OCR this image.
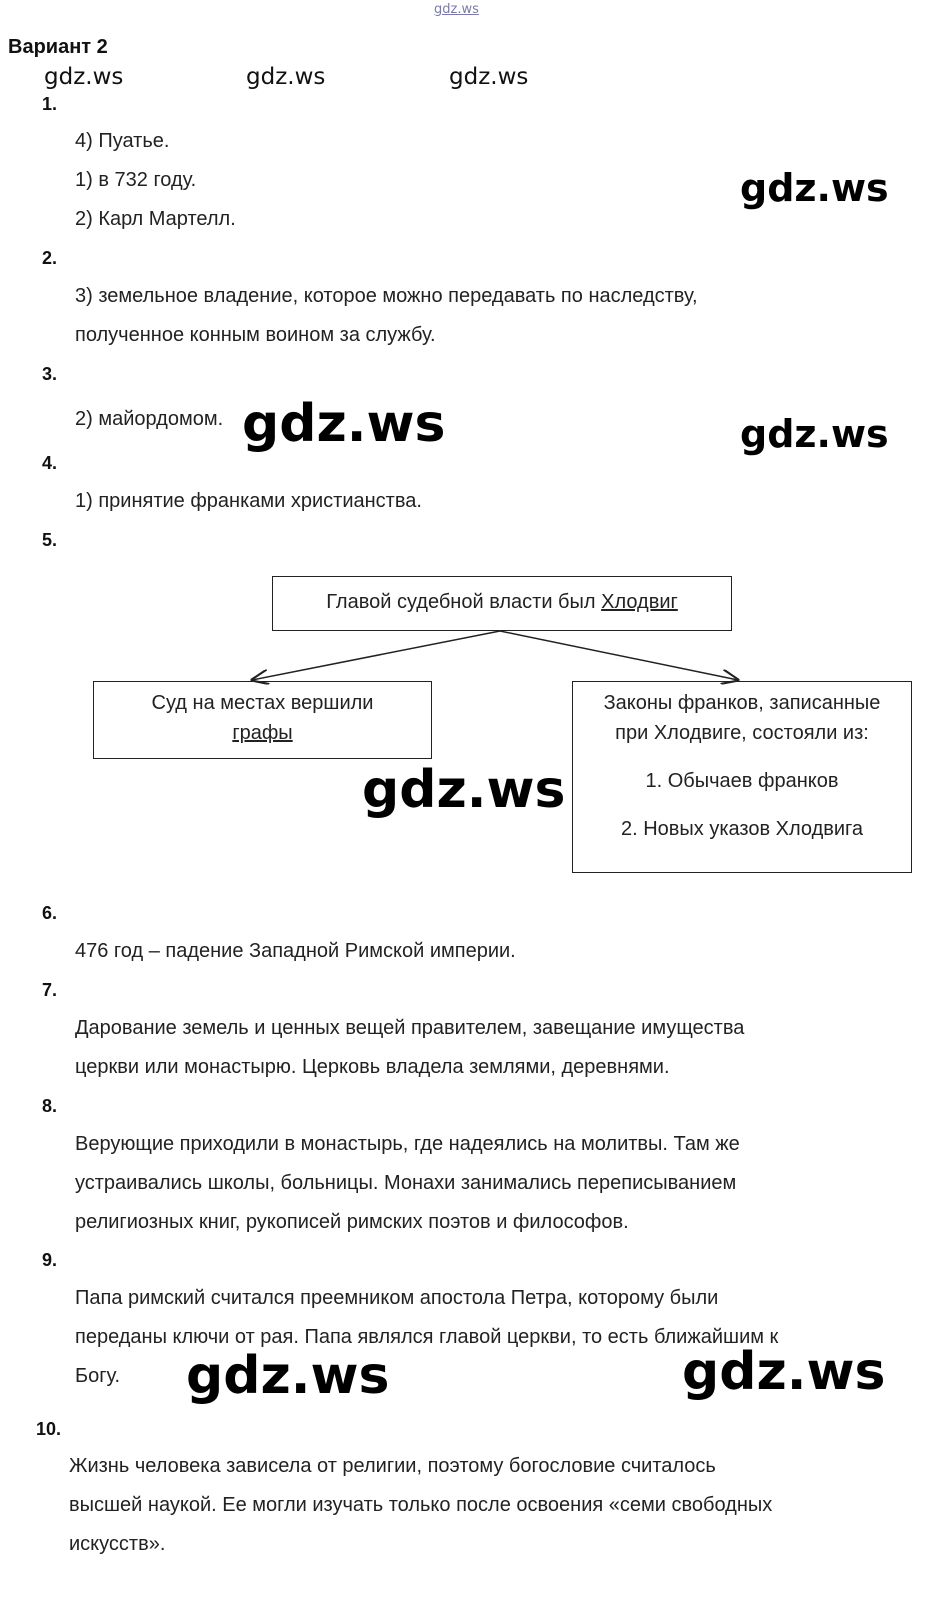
gdz.ws
gdz.ws	gdz.ws	gdz.ws
gdz.ws
gdz.ws	gdz.ws
gdz.ws
gdz.ws	gdz.ws
Вариант 2
1.
4) Пуатье.
1) в 732 году.
2) Карл Мартелл.
2.
3) земельное владение, которое можно передавать по наследству,
полученное конным воином за службу.
3.
2) майордомом.
4.
1) принятие франками христианства.
5.
Главой судебной власти был Хлодвиг
Суд на местах вершили
графы
Законы франков, записанные
при Хлодвиге, состояли из:
1. Обычаев франков
2. Новых указов Хлодвига
6.
476 год – падение Западной Римской империи.
7.
Дарование земель и ценных вещей правителем, завещание имущества
церкви или монастырю. Церковь владела землями, деревнями.
8.
Верующие приходили в монастырь, где надеялись на молитвы. Там же
устраивались школы, больницы. Монахи занимались переписыванием
религиозных книг, рукописей римских поэтов и философов.
9.
Папа римский считался преемником апостола Петра, которому были
переданы ключи от рая. Папа являлся главой церкви, то есть ближайшим к
Богу.
10.
Жизнь человека зависела от религии, поэтому богословие считалось
высшей наукой. Ее могли изучать только после освоения «семи свободных
искусств».
